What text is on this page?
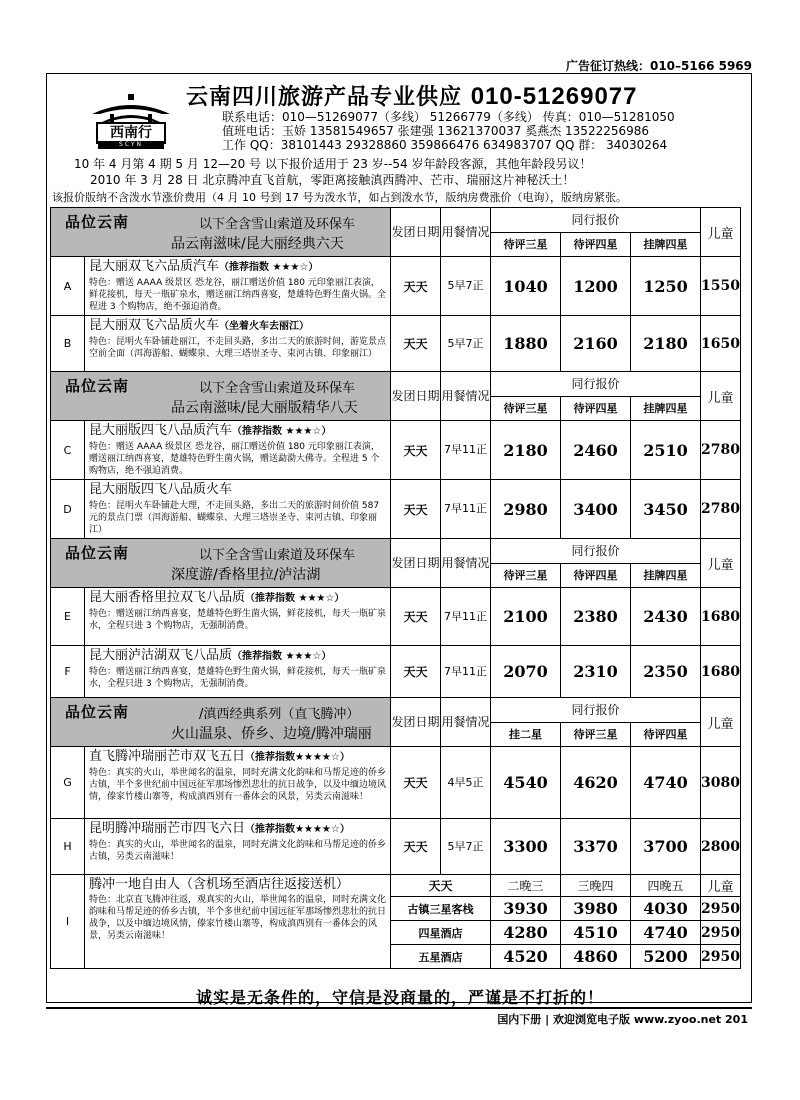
广告征订热线：010–5166 5969
西南行
SCYN
云南四川旅游产品专业供应 010-51269077
联系电话：010—51269077（多线） 51266779（多线） 传真：010—51281050
值班电话：玉娇 13581549657 张建强 13621370037 奚燕杰 13522256986
工作 QQ：38101443 29328860 359866476 634983707 QQ 群： 34030264
10 年 4 月第 4 期 5 月 12—20 号 以下报价适用于 23 岁--54 岁年龄段客源，其他年龄段另议！
2010 年 3 月 28 日 北京腾冲直飞首航，零距离接触滇西腾冲、芒市、瑞丽这片神秘沃土！
该报价版纳不含泼水节涨价费用（4 月 10 号到 17 号为泼水节，如占到泼水节，版纳房费涨价（电询），版纳房紧张。
品位云南 以下全含雪山索道及环保车
品云南滋味/昆大丽经典六天		发团日期	用餐情况	同行报价			儿童
				待评三星	待评四星	挂牌四星	
A	昆大丽双飞六品质汽车（推荐指数 ★★★☆）
特色：赠送 AAAA 级景区 恐龙谷，丽江赠送价值 180 元印象丽江表演，鲜花接机，每天一瓶矿泉水，赠送丽江纳西喜宴，楚雄特色野生菌火锅。全程进 3 个购物店，绝不强迫消费。	天天	5早7正	1040	1200	1250	1550
B	昆大丽双飞六品质火车（坐着火车去丽江）
特色：昆明火车卧铺赴丽江，不走回头路，多出二天的旅游时间，游览景点空前全面（洱海游船、蝴蝶泉、大理三塔崇圣寺、束河古镇、印象丽江）	天天	5早7正	1880	2160	2180	1650

品位云南 以下全含雪山索道及环保车
品云南滋味/昆大丽版精华八天		发团日期	用餐情况	同行报价			儿童
				待评三星	待评四星	挂牌四星	
C	昆大丽版四飞八品质汽车（推荐指数 ★★★☆）
特色：赠送 AAAA 级景区 恐龙谷，丽江赠送价值 180 元印象丽江表演，赠送丽江纳西喜宴，楚雄特色野生菌火锅，赠送勐泐大佛寺。全程进 5 个购物店，绝不强迫消费。	天天	7早11正	2180	2460	2510	2780
D	昆大丽版四飞八品质火车
特色：昆明火车卧铺赴大理，不走回头路，多出二天的旅游时间价值 587 元的景点门票（洱海游船、蝴蝶泉、大理三塔崇圣寺、束河古镇、印象丽江）	天天	7早11正	2980	3400	3450	2780

品位云南 以下全含雪山索道及环保车
深度游/香格里拉/泸沽湖		发团日期	用餐情况	同行报价			儿童
				待评三星	待评四星	挂牌四星	
E	昆大丽香格里拉双飞八品质（推荐指数 ★★★☆）
特色：赠送丽江纳西喜宴，楚雄特色野生菌火锅，鲜花接机，每天一瓶矿泉水，全程只进 3 个购物店，无强制消费。	天天	7早11正	2100	2380	2430	1680
F	昆大丽泸沽湖双飞八品质（推荐指数 ★★★☆）
特色：赠送丽江纳西喜宴，楚雄特色野生菌火锅，鲜花接机，每天一瓶矿泉水，全程只进 3 个购物店，无强制消费。	天天	7早11正	2070	2310	2350	1680

品位云南 /滇西经典系列（直飞腾冲）
火山温泉、侨乡、边境/腾冲瑞丽		发团日期	用餐情况	同行报价			儿童
				挂二星	待评三星	待评四星	
G	直飞腾冲瑞丽芒市双飞五日（推荐指数★★★★☆）
特色：真实的火山，举世闻名的温泉，同时充满文化韵味和马帮足迹的侨乡古镇，半个多世纪前中国远征军那场惨烈悲壮的抗日战争，以及中缅边境风情，傣家竹楼山寨等，构成滇西别有一番体会的风景，另类云南滋味！	天天	4早5正	4540	4620	4740	3080
H	昆明腾冲瑞丽芒市四飞六日（推荐指数★★★★☆）
特色：真实的火山，举世闻名的温泉，同时充满文化韵味和马帮足迹的侨乡古镇，另类云南滋味！	天天	5早7正	3300	3370	3700	2800
I	腾冲一地自由人（含机场至酒店往返接送机）
特色：北京直飞腾冲往返，观真实的火山，举世闻名的温泉，同时充满文化韵味和马帮足迹的侨乡古镇，半个多世纪前中国远征军那场惨烈悲壮的抗日战争，以及中缅边境风情，傣家竹楼山寨等，构成滇西别有一番体会的风景，另类云南滋味！	天天		二晚三	三晚四	四晚五	儿童
		古镇三星客栈		3930	3980	4030	2950
		四星酒店		4280	4510	4740	2950
		五星酒店		4520	4860	5200	2950
诚实是无条件的，守信是没商量的，严谨是不打折的！
国内下册 | 欢迎浏览电子版 www.zyoo.net 201
